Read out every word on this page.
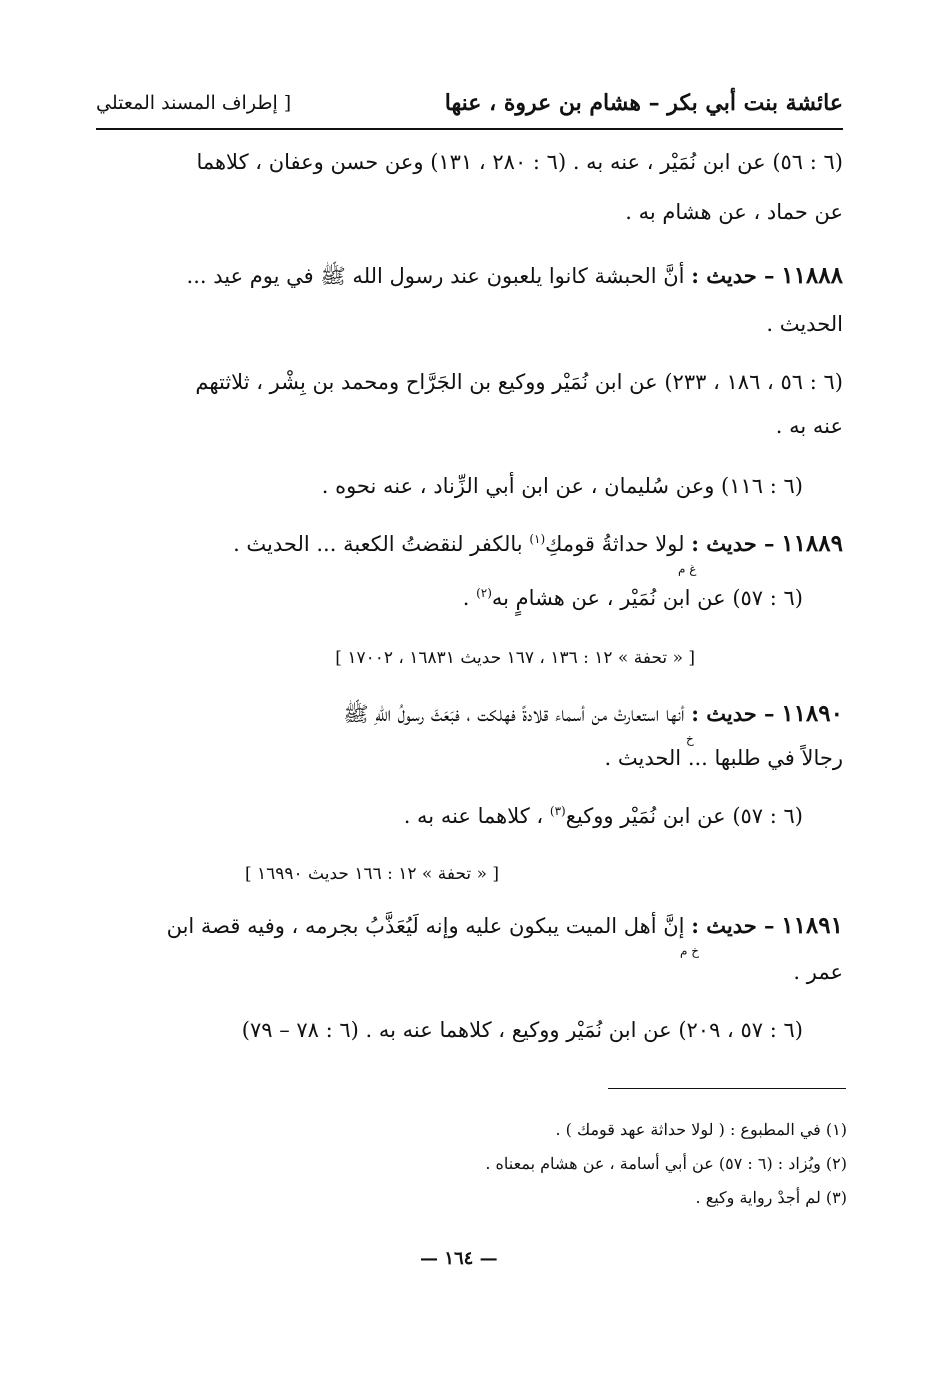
عائشة بنت أبي بكر – هشام بن عروة ، عنها
[ إطراف المسند المعتلي
(٦ : ٥٦) عن ابن نُمَيْر ، عنه به . (٦ : ٢٨٠ ، ١٣١) وعن حسن وعفان ، كلاهما
عن حماد ، عن هشام به .
١١٨٨٨ – حديث : أنَّ الحبشة كانوا يلعبون عند رسول الله ﷺ في يوم عيد ...
الحديث .
(٦ : ٥٦ ، ١٨٦ ، ٢٣٣) عن ابن نُمَيْر ووكيع بن الجَرَّاح ومحمد بن بِشْر ، ثلاثتهم
عنه به .
(٦ : ١١٦) وعن سُليمان ، عن ابن أبي الزِّناد ، عنه نحوه .
١١٨٨٩ – حديث : لولا حداثةُ قومكِ$^{(١)}$ بالكفر لنقضتُ الكعبة ... الحديث .
غ م
(٦ : ٥٧) عن ابن نُمَيْر ، عن هشامٍ به$^{(٢)}$ .
[ « تحفة » ١٢ : ١٣٦ ، ١٦٧ حديث ١٦٨٣١ ، ١٧٠٠٢ ]
١١٨٩٠ – حديث : أنها استعارتْ من أسماء قلادةً فهلكت ، فبَعَثَ رسولُ اللهِ ﷺ
خ
رجالاً في طلبها ... الحديث .
(٦ : ٥٧) عن ابن نُمَيْر ووكيع$^{(٣)}$ ، كلاهما عنه به .
[ « تحفة » ١٢ : ١٦٦ حديث ١٦٩٩٠ ]
١١٨٩١ – حديث : إنَّ أهل الميت يبكون عليه وإنه لَيُعَذَّبُ بجرمه ، وفيه قصة ابن
خ م
عمر .
(٦ : ٥٧ ، ٢٠٩) عن ابن نُمَيْر ووكيع ، كلاهما عنه به . (٦ : ٧٨ – ٧٩)
(١) في المطبوع : ( لولا حداثة عهد قومك ) .
(٢) ويُزاد : (٦ : ٥٧) عن أبي أسامة ، عن هشام بمعناه .
(٣) لم أجدْ رواية وكيع .
— ١٦٤ —
